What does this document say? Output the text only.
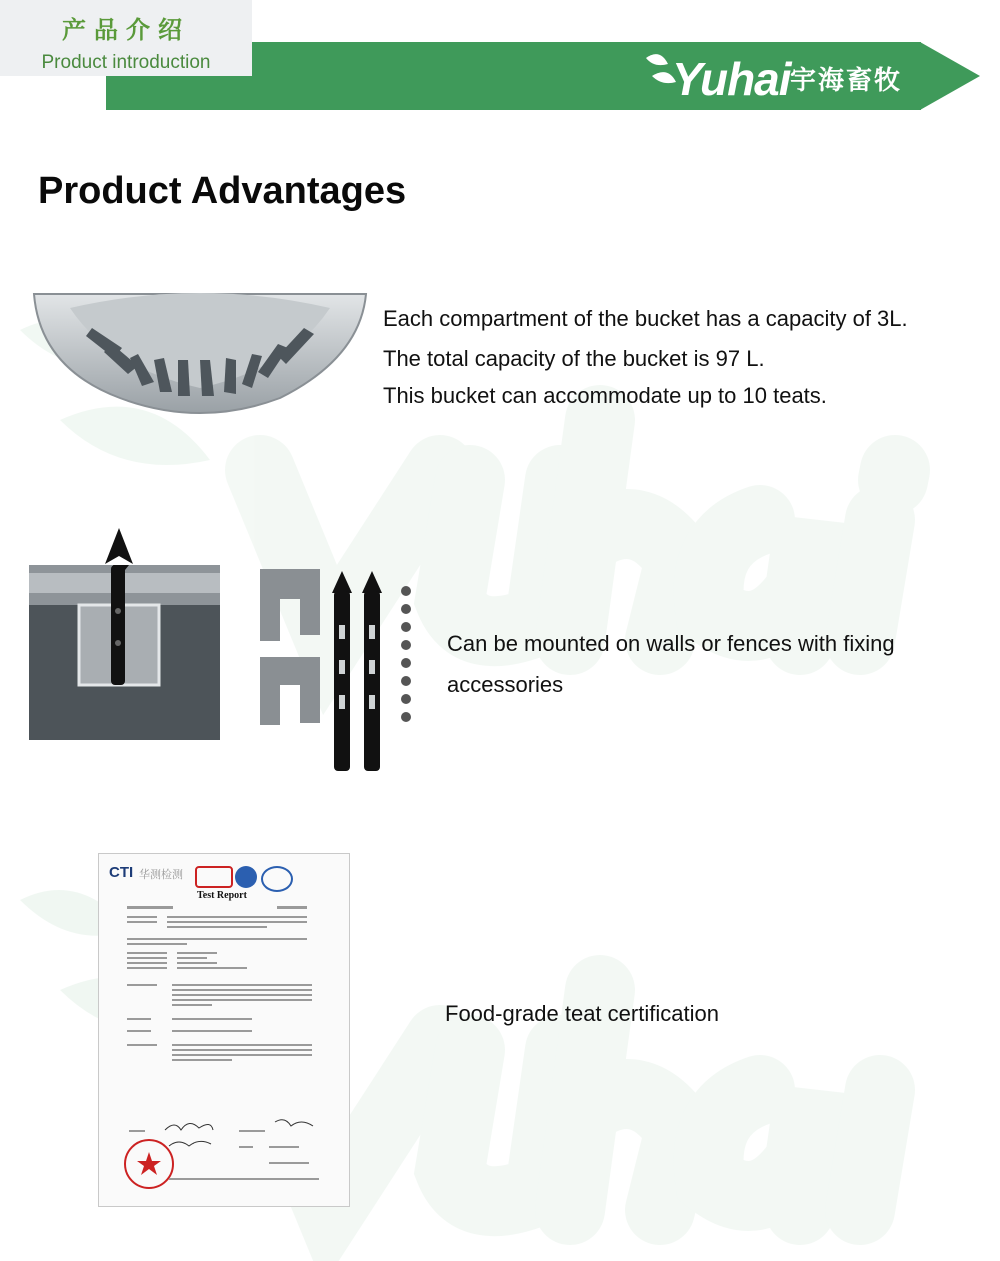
产品介绍
Product introduction	Yuhai 宇海畜牧
Product Advantages
Each compartment of the bucket has a capacity of 3L.
The total capacity of the bucket is 97 L.
This bucket can accommodate up to 10 teats.
Can be mounted on walls or fences with fixing
accessories
CTI 华测检测
Test Report
Food-grade teat certification
